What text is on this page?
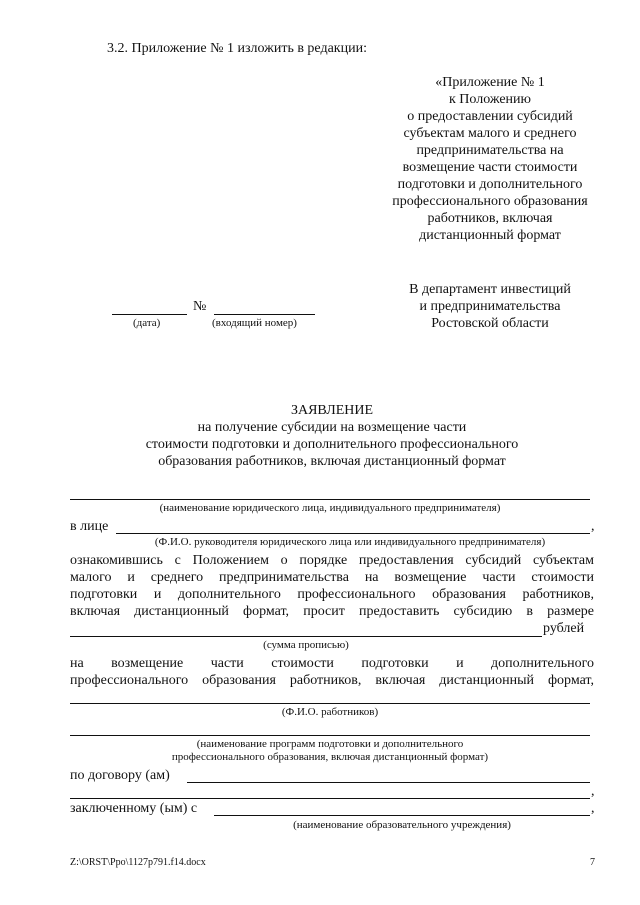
3.2. Приложение № 1 изложить в редакции:
«Приложение № 1
к Положению
о предоставлении субсидий
субъектам малого и среднего
предпринимательства на
возмещение части стоимости
подготовки и дополнительного
профессионального образования
работников, включая
дистанционный формат
В департамент инвестиций
и предпринимательства
Ростовской области
№
(дата)	(входящий номер)
ЗАЯВЛЕНИЕ
на получение субсидии на возмещение части
стоимости подготовки и дополнительного профессионального
образования работников, включая дистанционный формат
(наименование юридического лица, индивидуального предпринимателя)
в лице	,
(Ф.И.О. руководителя юридического лица или индивидуального предпринимателя)
ознакомившись с Положением о порядке предоставления субсидий субъектам
малого и среднего предпринимательства на возмещение части стоимости
подготовки и дополнительного профессионального образования работников,
включая дистанционный формат, просит предоставить субсидию в размере
рублей
(сумма прописью)
на возмещение части стоимости подготовки и дополнительного
профессионального образования работников, включая дистанционный формат,
(Ф.И.О. работников)
(наименование программ подготовки и дополнительного
профессионального образования, включая дистанционный формат)
по договору (ам)
,
заключенному (ым) с	,
(наименование образовательного учреждения)
Z:\ORST\Ppo\1127p791.f14.docx	7
